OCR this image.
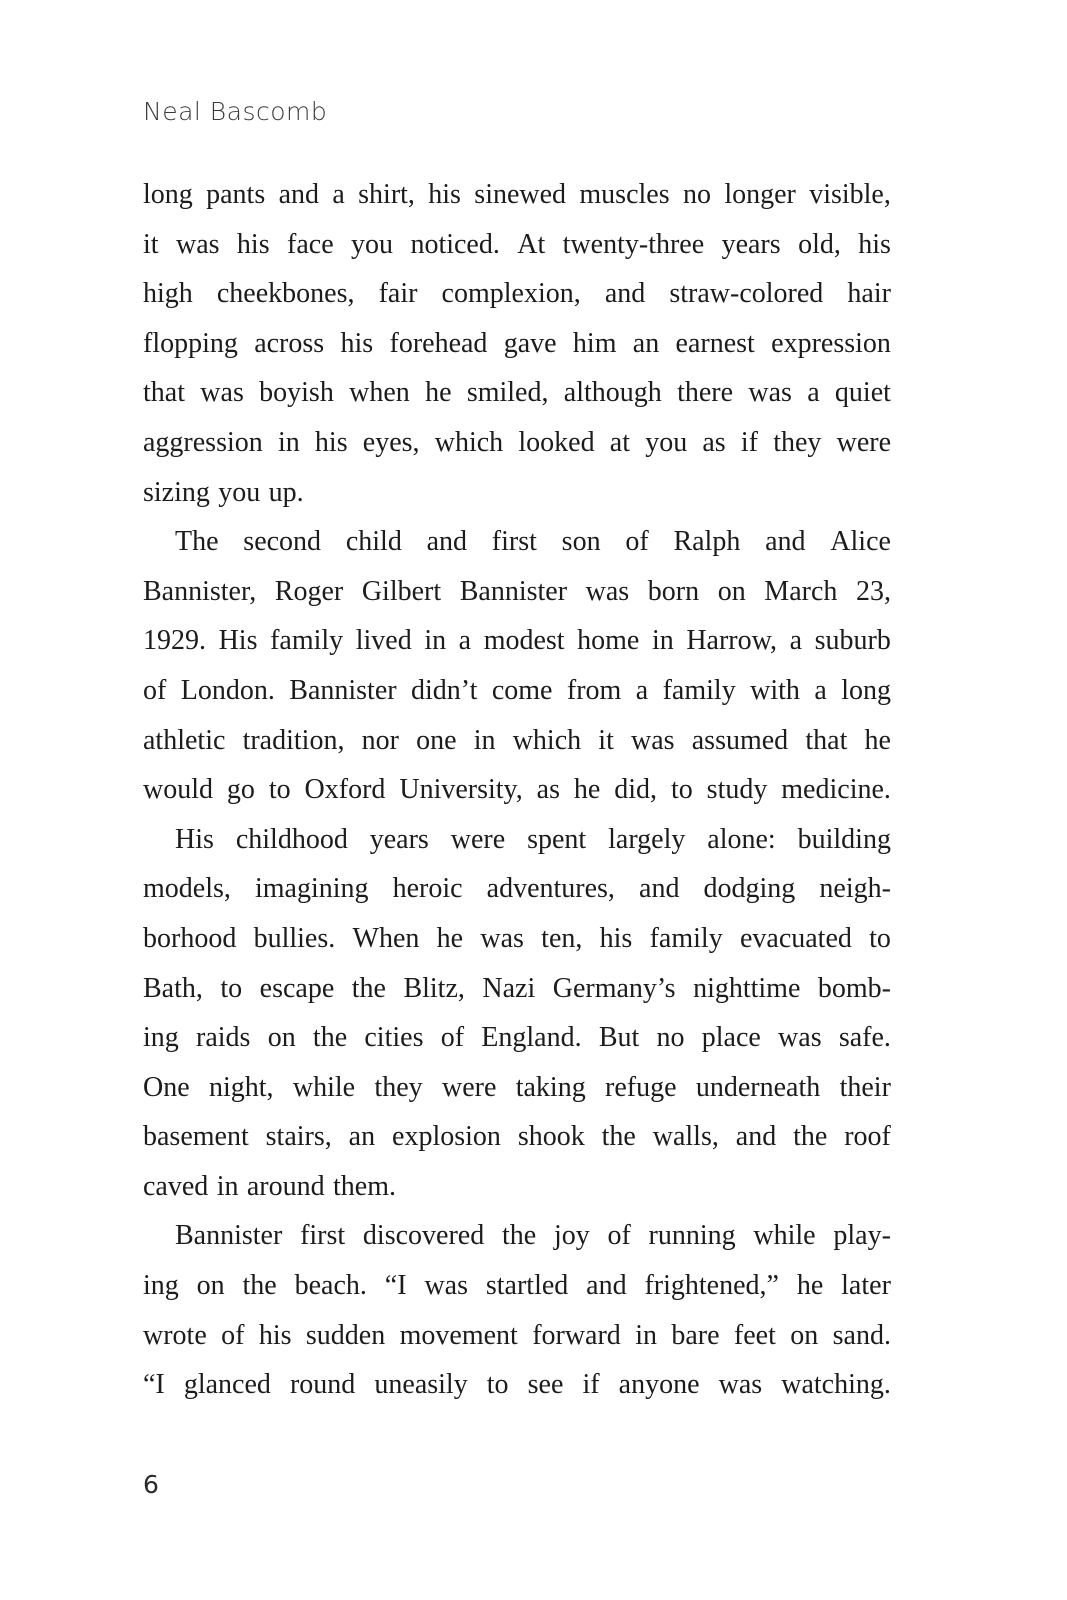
Neal Bascomb
long pants and a shirt, his sinewed muscles no longer visible,
it was his face you noticed. At twenty-three years old, his
high cheekbones, fair complexion, and straw-colored hair
flopping across his forehead gave him an earnest expression
that was boyish when he smiled, although there was a quiet
aggression in his eyes, which looked at you as if they were
sizing you up.
The second child and first son of Ralph and Alice
Bannister, Roger Gilbert Bannister was born on March 23,
1929. His family lived in a modest home in Harrow, a suburb
of London. Bannister didn’t come from a family with a long
athletic tradition, nor one in which it was assumed that he
would go to Oxford University, as he did, to study medicine.
His childhood years were spent largely alone: building
models, imagining heroic adventures, and dodging neigh-
borhood bullies. When he was ten, his family evacuated to
Bath, to escape the Blitz, Nazi Germany’s nighttime bomb-
ing raids on the cities of England. But no place was safe.
One night, while they were taking refuge underneath their
basement stairs, an explosion shook the walls, and the roof
caved in around them.
Bannister first discovered the joy of running while play-
ing on the beach. “I was startled and frightened,” he later
wrote of his sudden movement forward in bare feet on sand.
“I glanced round uneasily to see if anyone was watching.
6
